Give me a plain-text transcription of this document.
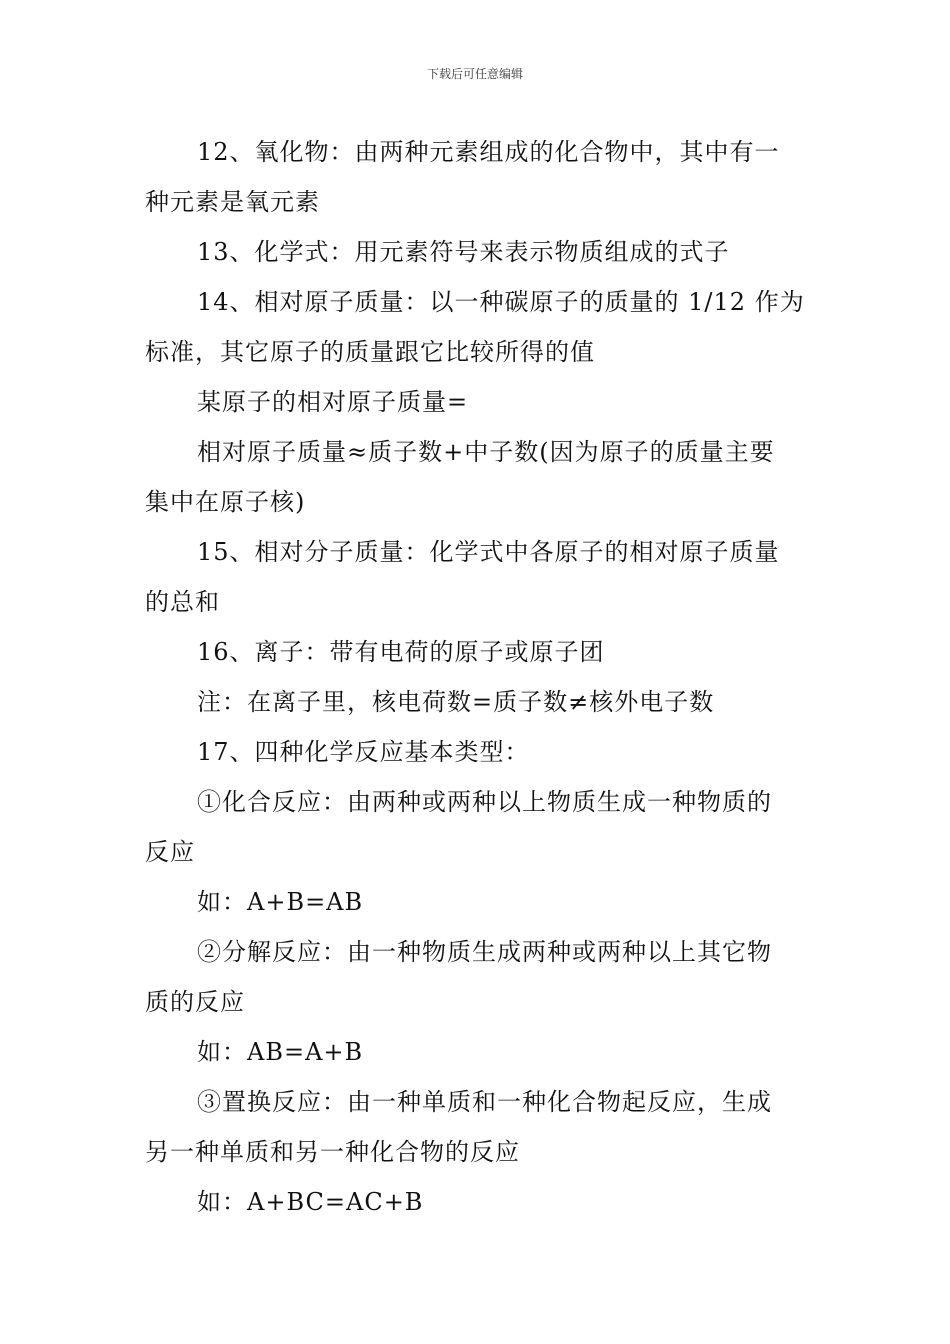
下载后可任意编辑

12、氧化物：由两种元素组成的化合物中，其中有一

种元素是氧元素

13、化学式：用元素符号来表示物质组成的式子

14、相对原子质量：以一种碳原子的质量的 1/12 作为

标准，其它原子的质量跟它比较所得的值

某原子的相对原子质量=

相对原子质量≈质子数+中子数(因为原子的质量主要

集中在原子核)

15、相对分子质量：化学式中各原子的相对原子质量

的总和

16、离子：带有电荷的原子或原子团

注：在离子里，核电荷数=质子数≠核外电子数

17、四种化学反应基本类型：

①化合反应：由两种或两种以上物质生成一种物质的

反应

如：A+B=AB

②分解反应：由一种物质生成两种或两种以上其它物

质的反应

如：AB=A+B

③置换反应：由一种单质和一种化合物起反应，生成

另一种单质和另一种化合物的反应

如：A+BC=AC+B
